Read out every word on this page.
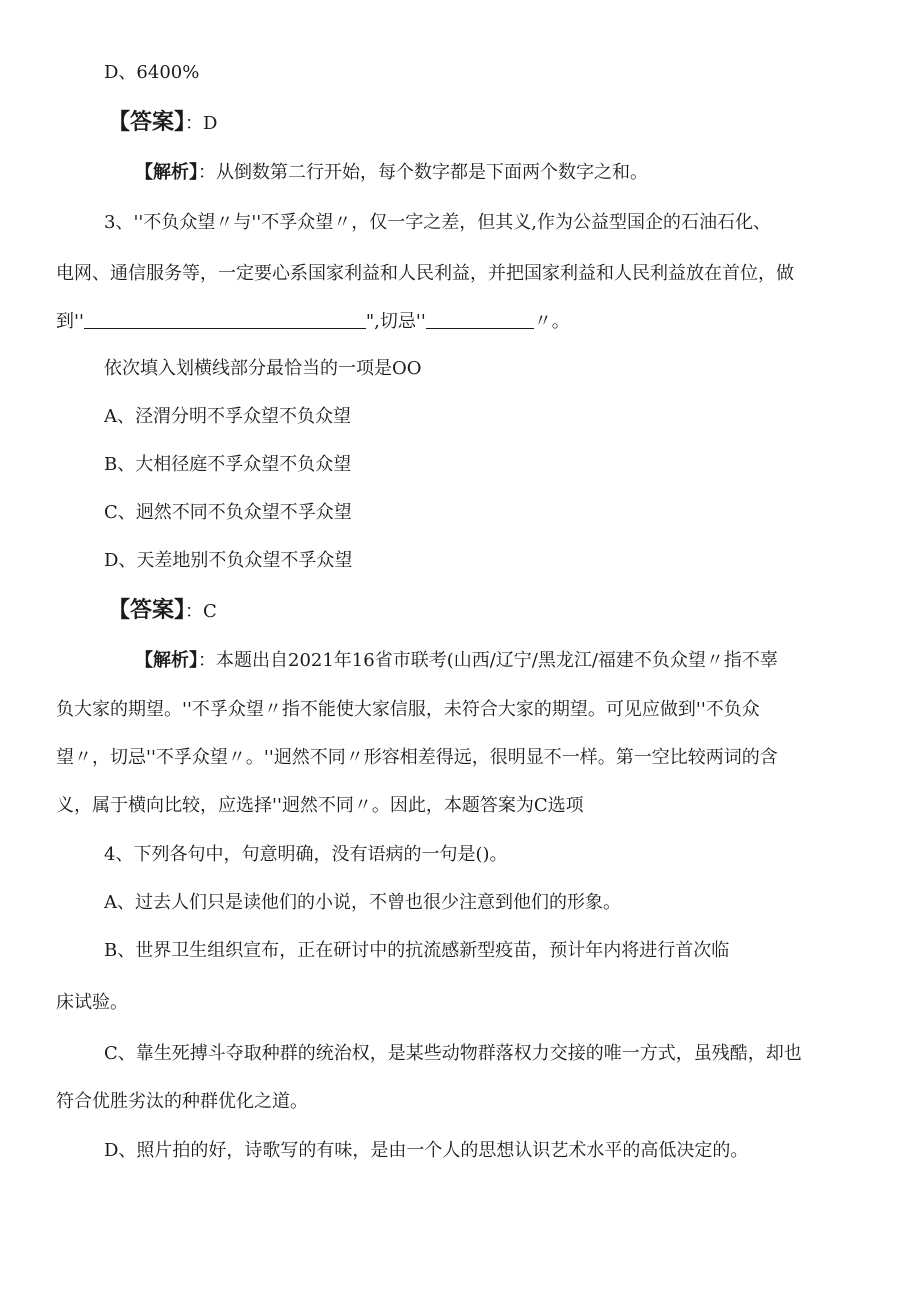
D、6400%
【答案】：D
【解析】：从倒数第二行开始，每个数字都是下面两个数字之和。
3、''不负众望〃与''不孚众望〃，仅一字之差，但其义,作为公益型国企的石油石化、
电网、通信服务等，一定要心系国家利益和人民利益，并把国家利益和人民利益放在首位，做
到''	",切忌''	〃。
依次填入划横线部分最恰当的一项是OO
A、泾渭分明不孚众望不负众望
B、大相径庭不孚众望不负众望
C、迥然不同不负众望不孚众望
D、天差地别不负众望不孚众望
【答案】：C
【解析】：本题出自2021年16省市联考(山西/辽宁/黑龙江/福建不负众望〃指不辜
负大家的期望。''不孚众望〃指不能使大家信服，未符合大家的期望。可见应做到''不负众
望〃，切忌''不孚众望〃。''迥然不同〃形容相差得远，很明显不一样。第一空比较两词的含
义，属于横向比较，应选择''迥然不同〃。因此，本题答案为C选项
4、下列各句中，句意明确，没有语病的一句是()。
A、过去人们只是读他们的小说，不曾也很少注意到他们的形象。
B、世界卫生组织宣布，正在研讨中的抗流感新型疫苗，预计年内将进行首次临
床试验。
C、靠生死搏斗夺取种群的统治权，是某些动物群落权力交接的唯一方式，虽残酷，却也
符合优胜劣汰的种群优化之道。
D、照片拍的好，诗歌写的有味，是由一个人的思想认识艺术水平的高低决定的。
